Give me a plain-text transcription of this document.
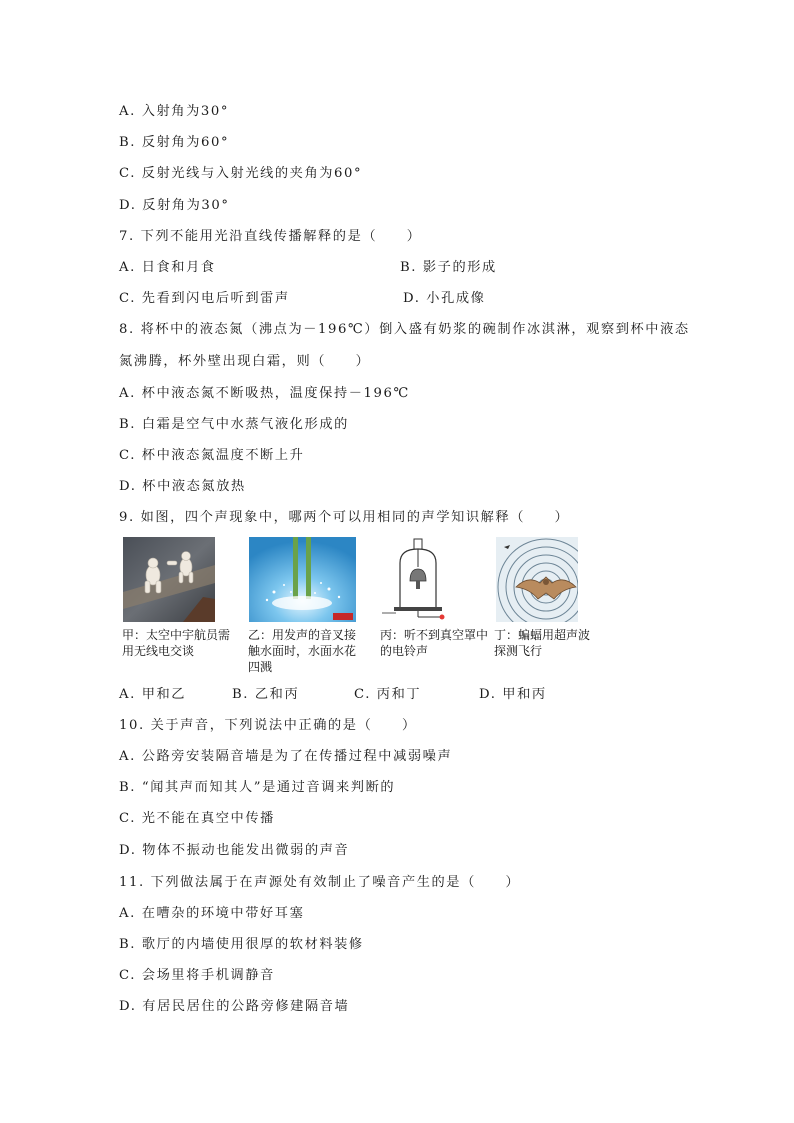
A. 入射角为30°
B. 反射角为60°
C. 反射光线与入射光线的夹角为60°
D. 反射角为30°
7. 下列不能用光沿直线传播解释的是（　　）
A. 日食和月食	B. 影子的形成
C. 先看到闪电后听到雷声	D. 小孔成像
8. 将杯中的液态氮（沸点为－196℃）倒入盛有奶浆的碗制作冰淇淋，观察到杯中液态
氮沸腾，杯外壁出现白霜，则（　　）
A. 杯中液态氮不断吸热，温度保持－196℃
B. 白霜是空气中水蒸气液化形成的
C. 杯中液态氮温度不断上升
D. 杯中液态氮放热
9. 如图，四个声现象中，哪两个可以用相同的声学知识解释（　　）
甲：太空中宇航员需用无线电交谈
乙：用发声的音叉接触水面时，水面水花四溅
丙：听不到真空罩中的电铃声
丁：蝙蝠用超声波探测飞行
A. 甲和乙	B. 乙和丙	C. 丙和丁	D. 甲和丙
10. 关于声音，下列说法中正确的是（　　）
A. 公路旁安装隔音墙是为了在传播过程中减弱噪声
B. “闻其声而知其人”是通过音调来判断的
C. 光不能在真空中传播
D. 物体不振动也能发出微弱的声音
11. 下列做法属于在声源处有效制止了噪音产生的是（　　）
A. 在嘈杂的环境中带好耳塞
B. 歌厅的内墙使用很厚的软材料装修
C. 会场里将手机调静音
D. 有居民居住的公路旁修建隔音墙
